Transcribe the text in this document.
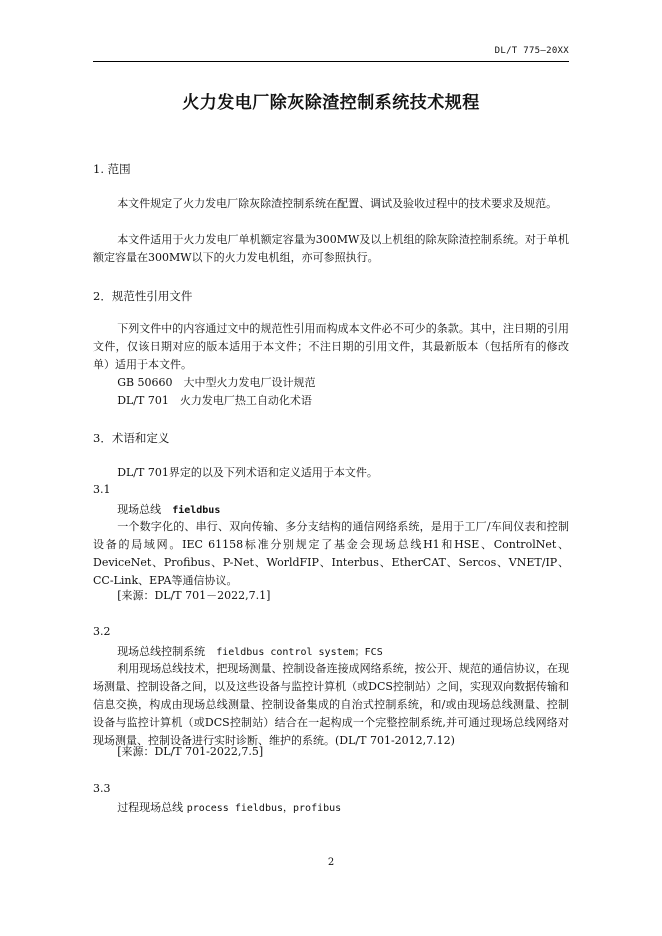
DL/T 775—20XX
火力发电厂除灰除渣控制系统技术规程
1. 范围

本文件规定了火力发电厂除灰除渣控制系统在配置、调试及验收过程中的技术要求及规范。

本文件适用于火力发电厂单机额定容量为300MW及以上机组的除灰除渣控制系统。对于单机额定容量在300MW以下的火力发电机组，亦可参照执行。

2．规范性引用文件

下列文件中的内容通过文中的规范性引用而构成本文件必不可少的条款。其中，注日期的引用文件，仅该日期对应的版本适用于本文件；不注日期的引用文件，其最新版本（包括所有的修改单）适用于本文件。

GB 50660　大中型火力发电厂设计规范
DL/T 701　火力发电厂热工自动化术语
3．术语和定义
DL/T 701界定的以及下列术语和定义适用于本文件。
3.1
现场总线　 fieldbus

一个数字化的、串行、双向传输、多分支结构的通信网络系统，是用于工厂/车间仪表和控制设备的局域网。IEC 61158标准分别规定了基金会现场总线H1和HSE、ControlNet、DeviceNet、Profibus、P-Net、WorldFIP、Interbus、EtherCAT、Sercos、VNET/IP、CC-Link、EPA等通信协议。

[来源：DL/T 701－2022,7.1]
3.2
现场总线控制系统　 fieldbus control system；FCS

利用现场总线技术，把现场测量、控制设备连接成网络系统，按公开、规范的通信协议，在现场测量、控制设备之间，以及这些设备与监控计算机（或DCS控制站）之间，实现双向数据传输和信息交换，构成由现场总线测量、控制设备集成的自治式控制系统，和/或由现场总线测量、控制设备与监控计算机（或DCS控制站）结合在一起构成一个完整控制系统,并可通过现场总线网络对现场测量、控制设备进行实时诊断、维护的系统。(DL/T 701-2012,7.12)

[来源：DL/T 701-2022,7.5]
3.3
过程现场总线 process fieldbus，profibus
2
